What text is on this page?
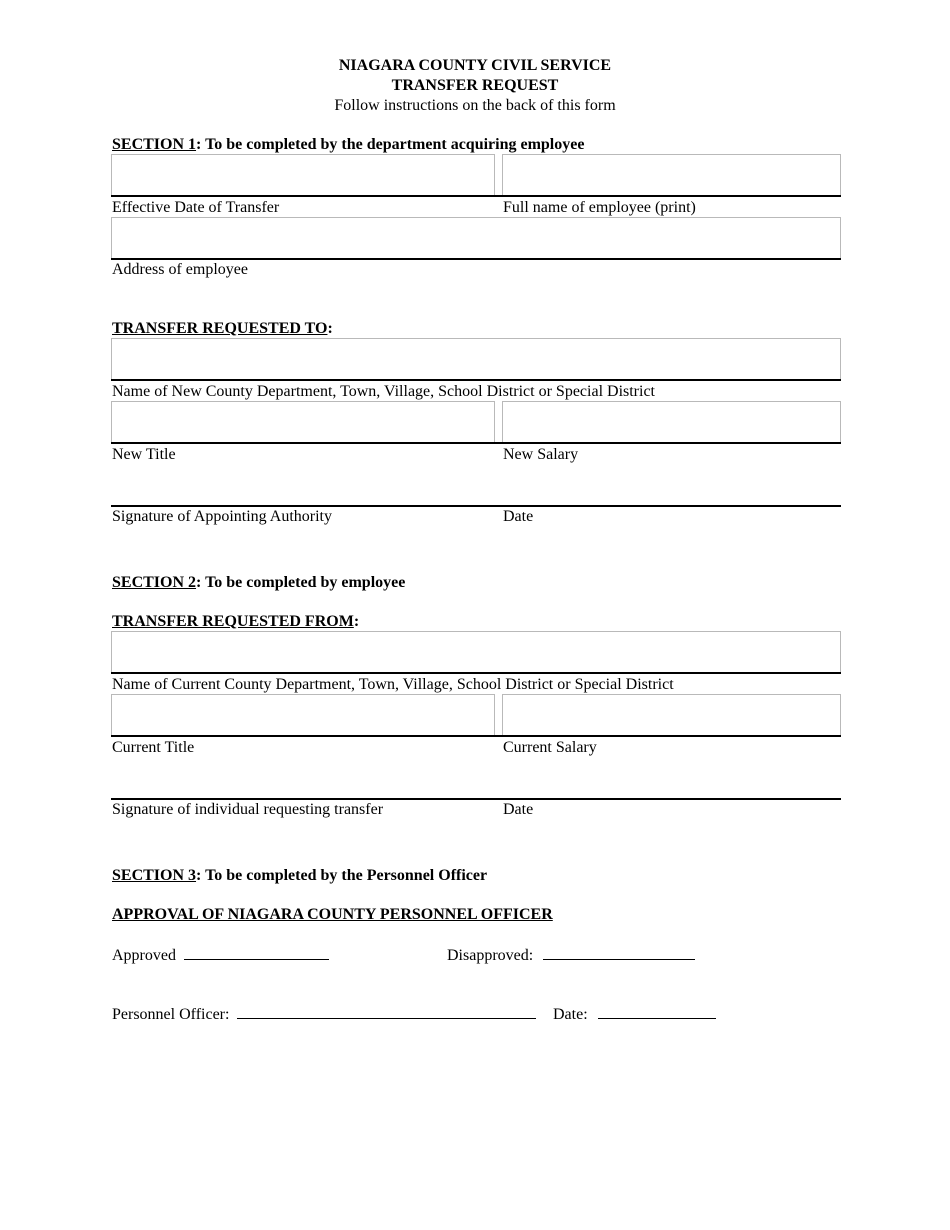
NIAGARA COUNTY CIVIL SERVICE
TRANSFER REQUEST
Follow instructions on the back of this form
SECTION 1: To be completed by the department acquiring employee
Effective Date of Transfer	Full name of employee (print)
Address of employee
TRANSFER REQUESTED TO:
Name of New County Department, Town, Village, School District or Special District
New Title	New Salary
Signature of Appointing Authority	Date
SECTION 2: To be completed by employee
TRANSFER REQUESTED FROM:
Name of Current County Department, Town, Village, School District or Special District
Current Title	Current Salary
Signature of individual requesting transfer	Date
SECTION 3: To be completed by the Personnel Officer
APPROVAL OF NIAGARA COUNTY PERSONNEL OFFICER
Approved	Disapproved:
Personnel Officer:	Date:
